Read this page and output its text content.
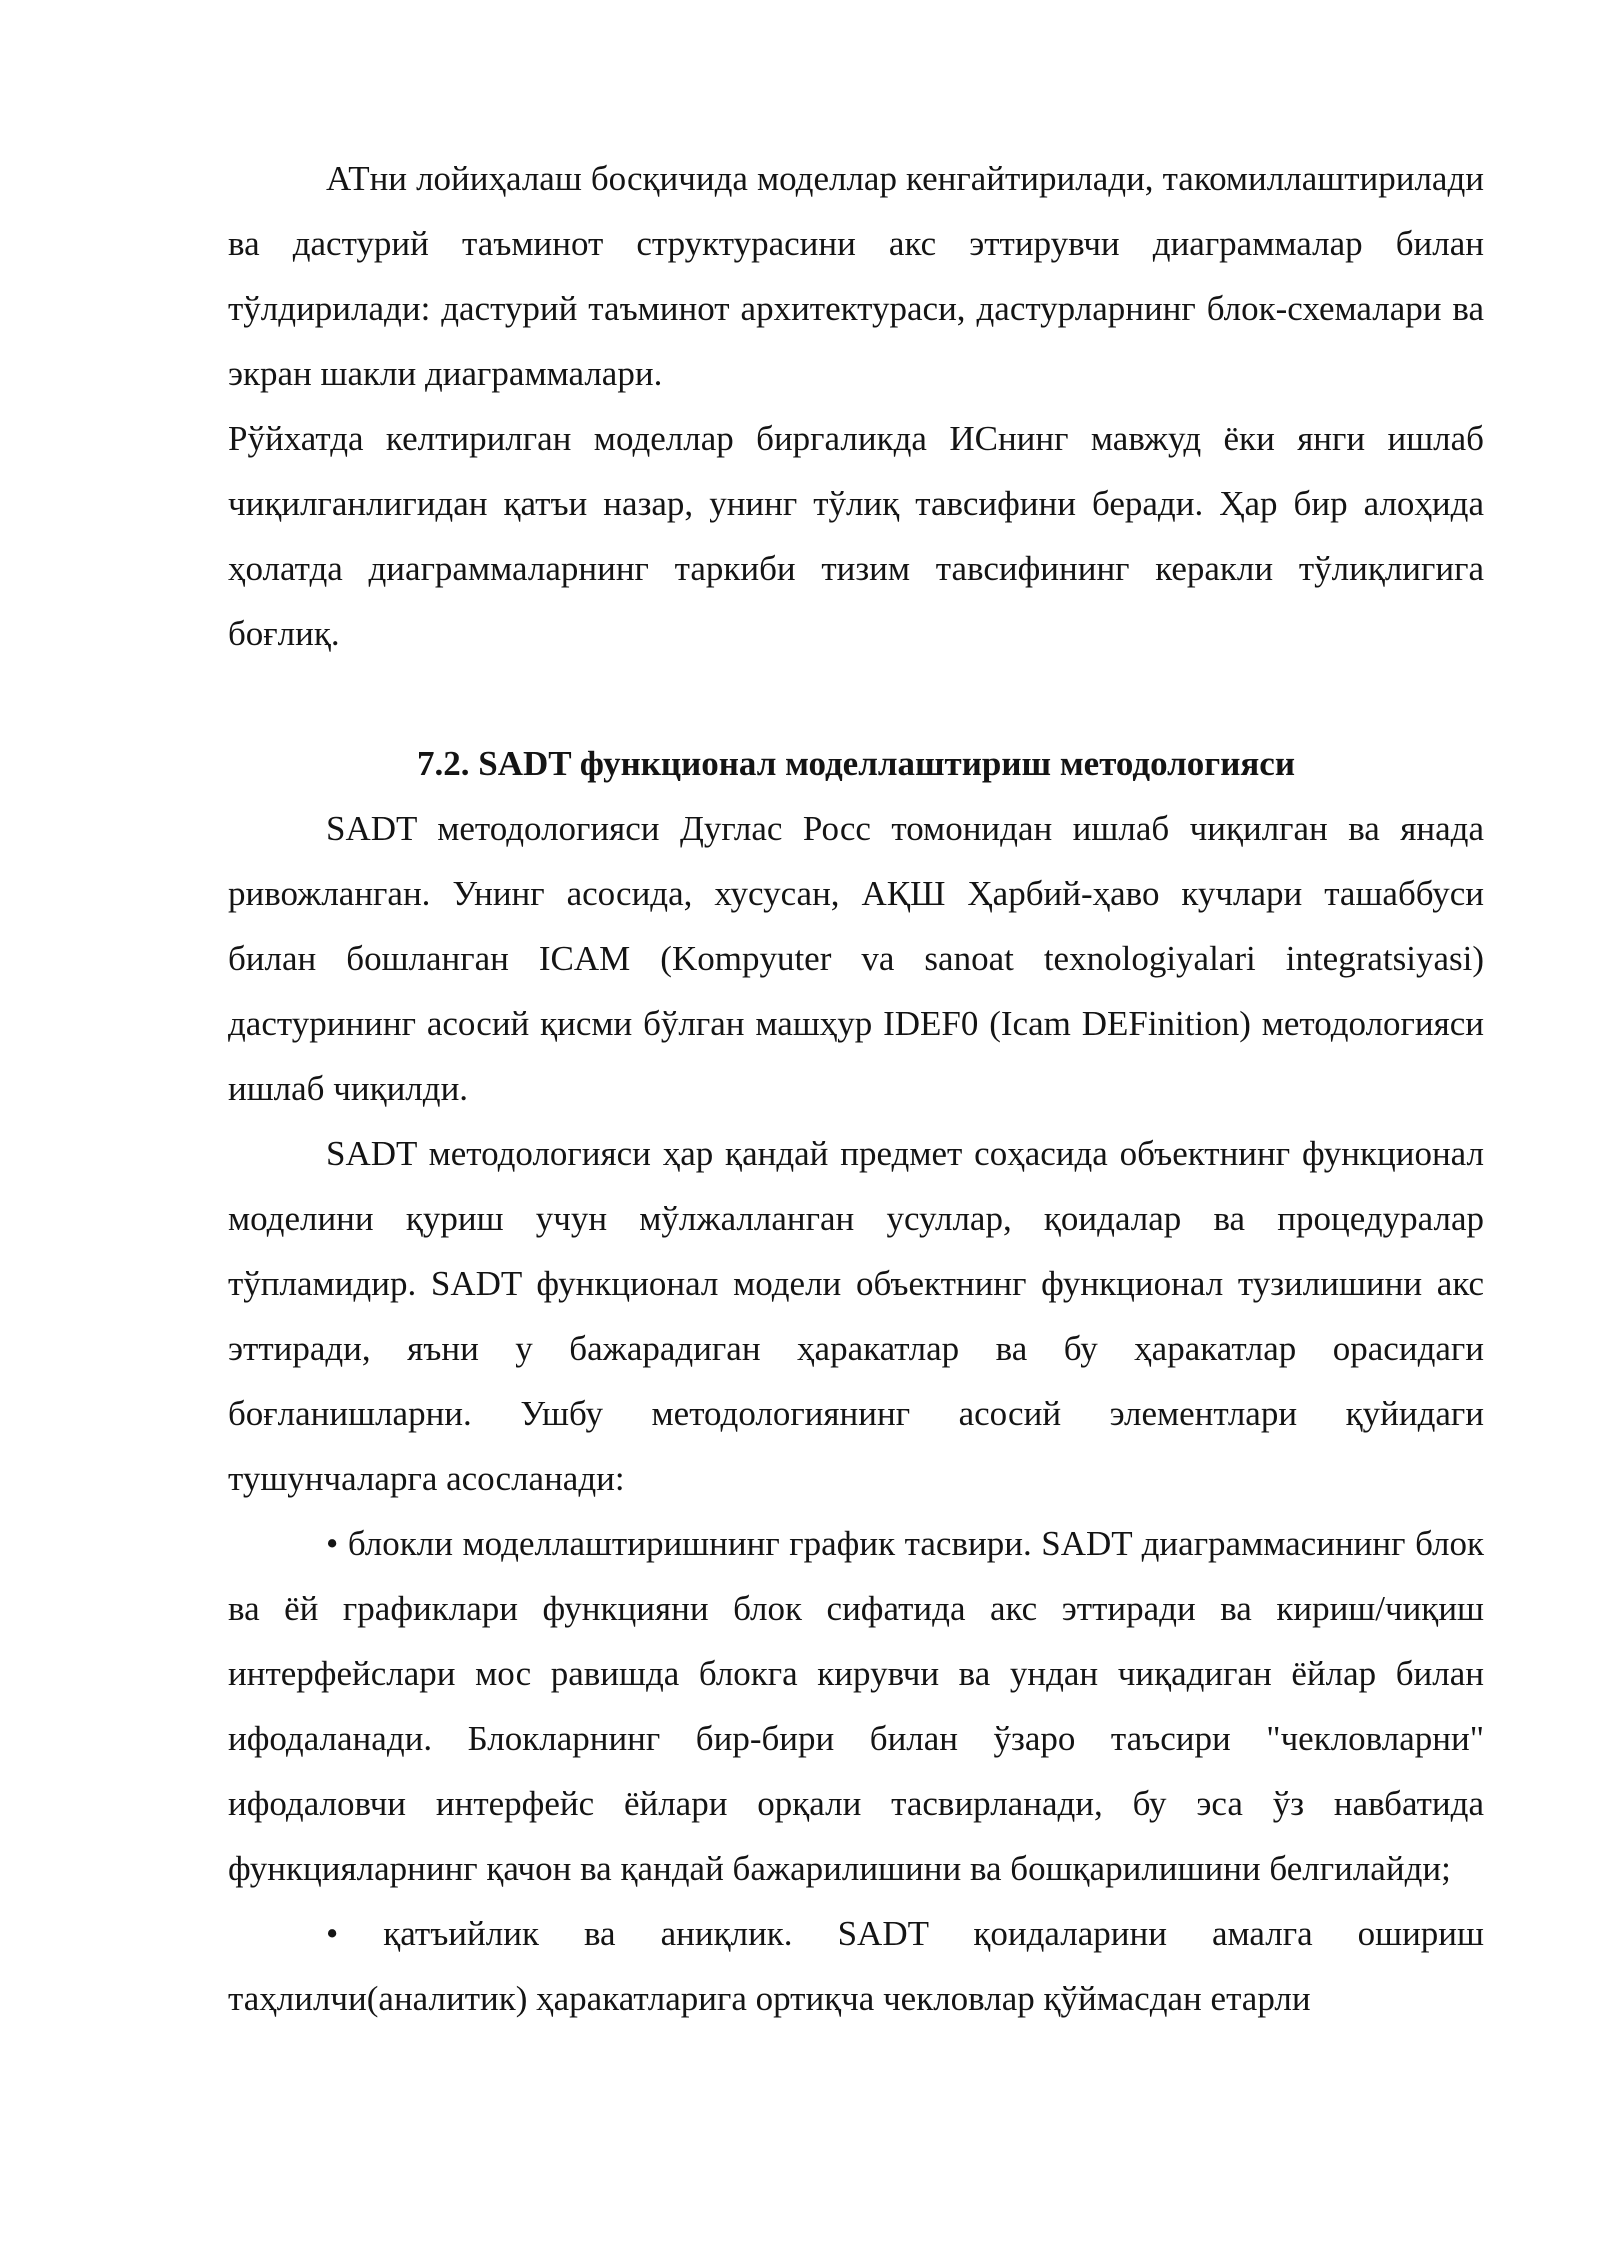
АТни лойиҳалаш босқичида моделлар кенгайтирилади, такомиллаштирилади ва дастурий таъминот структурасини акс эттирувчи диаграммалар билан тўлдирилади: дастурий таъминот архитектураси, дастурларнинг блок-схемалари ва экран шакли диаграммалари.

Рўйхатда келтирилган моделлар биргаликда ИСнинг мавжуд ёки янги ишлаб чиқилганлигидан қатъи назар, унинг тўлиқ тавсифини беради. Ҳар бир алоҳида ҳолатда диаграммаларнинг таркиби тизим тавсифининг керакли тўлиқлигига боғлиқ.

7.2. SADT функционал моделлаштириш методологияси

SADT методологияси Дуглас Росс томонидан ишлаб чиқилган ва янада ривожланган. Унинг асосида, хусусан, АҚШ Ҳарбий-ҳаво кучлари ташаббуси билан бошланган ICAM (Kompyuter va sanoat texnologiyalari integratsiyasi) дастурининг асосий қисми бўлган машҳур IDEF0 (Icam DEFinition) методологияси ишлаб чиқилди.

SADT методологияси ҳар қандай предмет соҳасида объектнинг функционал моделини қуриш учун мўлжалланган усуллар, қоидалар ва процедуралар тўпламидир. SADT функционал модели объектнинг функционал тузилишини акс эттиради, яъни у бажарадиган ҳаракатлар ва бу ҳаракатлар орасидаги боғланишларни. Ушбу методологиянинг асосий элементлари қуйидаги тушунчаларга асосланади:

• блокли моделлаштиришнинг график тасвири. SADT диаграммасининг блок ва ёй графиклари функцияни блок сифатида акс эттиради ва кириш/чиқиш интерфейслари мос равишда блокга кирувчи ва ундан чиқадиган ёйлар билан ифодаланади. Блокларнинг бир-бири билан ўзаро таъсири "чекловларни" ифодаловчи интерфейс ёйлари орқали тасвирланади, бу эса ўз навбатида функцияларнинг қачон ва қандай бажарилишини ва бошқарилишини белгилайди;

• қатъийлик ва аниқлик. SADT қоидаларини амалга ошириш таҳлилчи(аналитик) ҳаракатларига ортиқча чекловлар қўймасдан етарли
